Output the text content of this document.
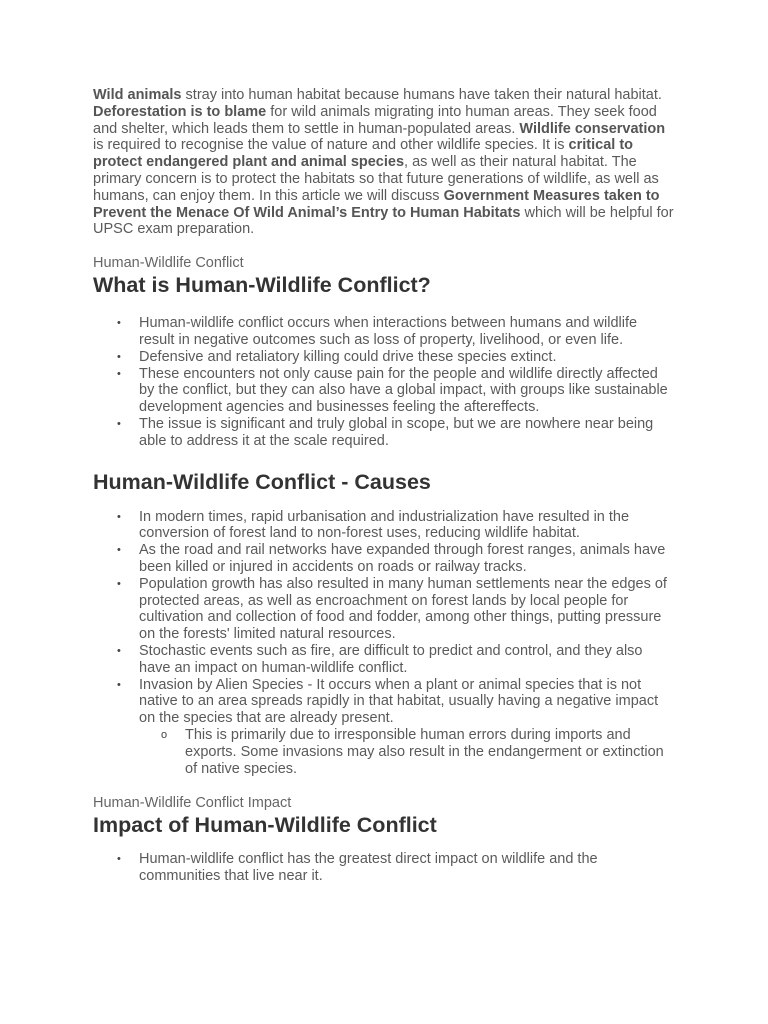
Wild animals stray into human habitat because humans have taken their natural habitat. Deforestation is to blame for wild animals migrating into human areas. They seek food and shelter, which leads them to settle in human-populated areas. Wildlife conservation is required to recognise the value of nature and other wildlife species. It is critical to protect endangered plant and animal species, as well as their natural habitat. The primary concern is to protect the habitats so that future generations of wildlife, as well as humans, can enjoy them. In this article we will discuss Government Measures taken to Prevent the Menace Of Wild Animal’s Entry to Human Habitats which will be helpful for UPSC exam preparation.

Human-Wildlife Conflict

What is Human-Wildlife Conflict?
• Human-wildlife conflict occurs when interactions between humans and wildlife result in negative outcomes such as loss of property, livelihood, or even life.
• Defensive and retaliatory killing could drive these species extinct.
• These encounters not only cause pain for the people and wildlife directly affected by the conflict, but they can also have a global impact, with groups like sustainable development agencies and businesses feeling the aftereffects.
• The issue is significant and truly global in scope, but we are nowhere near being able to address it at the scale required.
Human-Wildlife Conflict - Causes
• In modern times, rapid urbanisation and industrialization have resulted in the conversion of forest land to non-forest uses, reducing wildlife habitat.
• As the road and rail networks have expanded through forest ranges, animals have been killed or injured in accidents on roads or railway tracks.
• Population growth has also resulted in many human settlements near the edges of protected areas, as well as encroachment on forest lands by local people for cultivation and collection of food and fodder, among other things, putting pressure on the forests' limited natural resources.
• Stochastic events such as fire, are difficult to predict and control, and they also have an impact on human-wildlife conflict.
• Invasion by Alien Species - It occurs when a plant or animal species that is not native to an area spreads rapidly in that habitat, usually having a negative impact on the species that are already present.
o This is primarily due to irresponsible human errors during imports and exports. Some invasions may also result in the endangerment or extinction of native species.

Human-Wildlife Conflict Impact

Impact of Human-Wildlife Conflict
• Human-wildlife conflict has the greatest direct impact on wildlife and the communities that live near it.
